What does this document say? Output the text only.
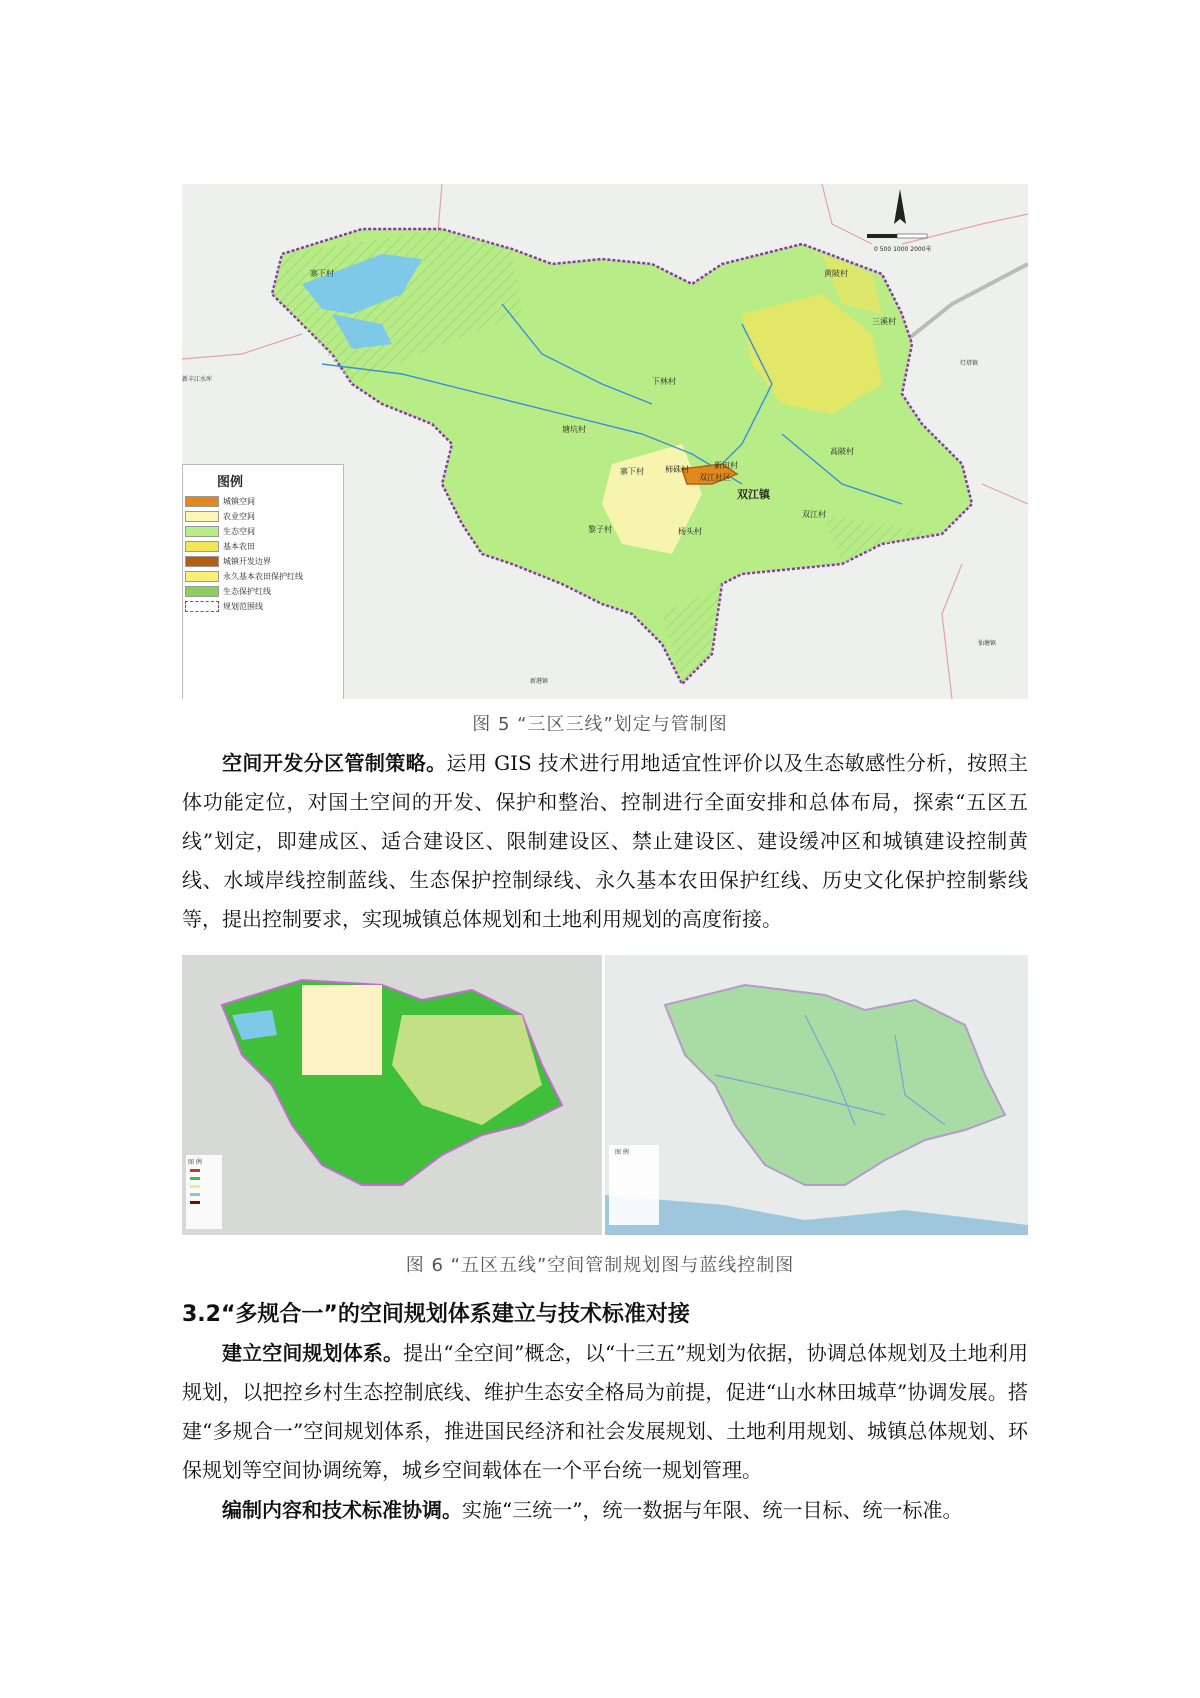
图例
城镇空间
农业空间
生态空间
基本农田
城镇开发边界
永久基本农田保护红线
生态保护红线
规划范围线
寨下村	黄陂村
三溪村
下林村
塘坑村
新田村
双江社区
柿硃村
寨下村
高陂村
双江村
黎子村	杨头村
双江镇
0 500 1000 2000米
灯塔镇
新港镇
仙塘镇
新丰江水库
图 5 “三区三线”划定与管制图
空间开发分区管制策略。运用 GIS 技术进行用地适宜性评价以及生态敏感性分析，按照主体功能定位，对国土空间的开发、保护和整治、控制进行全面安排和总体布局，探索“五区五线”划定，即建成区、适合建设区、限制建设区、禁止建设区、建设缓冲区和城镇建设控制黄线、水域岸线控制蓝线、生态保护控制绿线、永久基本农田保护红线、历史文化保护控制紫线等，提出控制要求，实现城镇总体规划和土地利用规划的高度衔接。
图 例
图 例
图 6 “五区五线”空间管制规划图与蓝线控制图
3.2“多规合一”的空间规划体系建立与技术标准对接
建立空间规划体系。提出“全空间”概念，以“十三五”规划为依据，协调总体规划及土地利用规划，以把控乡村生态控制底线、维护生态安全格局为前提，促进“山水林田城草”协调发展。搭建“多规合一”空间规划体系，推进国民经济和社会发展规划、土地利用规划、城镇总体规划、环保规划等空间协调统筹，城乡空间载体在一个平台统一规划管理。
编制内容和技术标准协调。实施“三统一”，统一数据与年限、统一目标、统一标准。
